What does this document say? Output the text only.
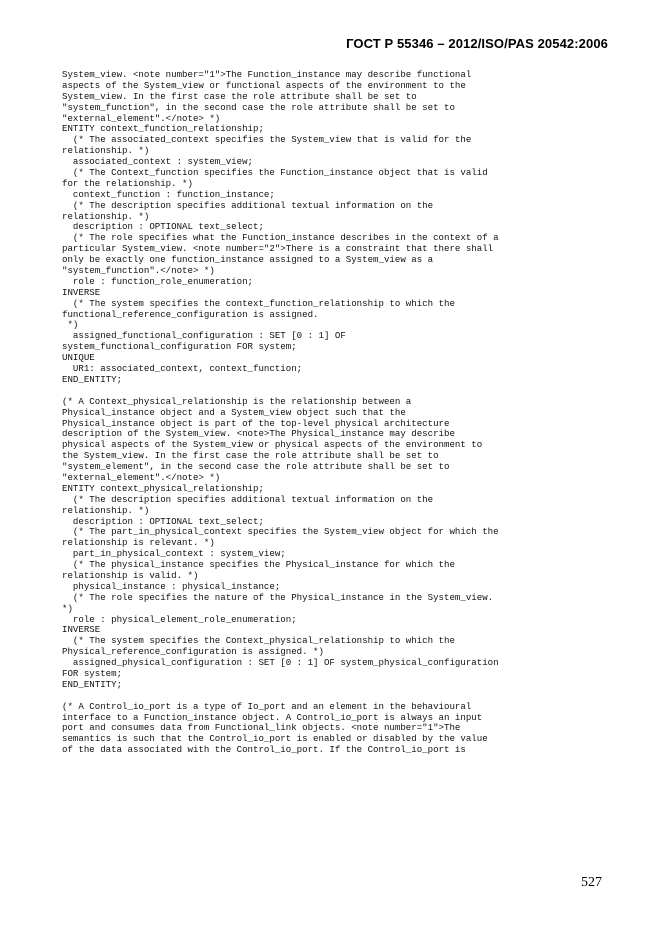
ГОСТ Р 55346 – 2012/ISO/PAS 20542:2006
System_view. <note number="1">The Function_instance may describe functional
aspects of the System_view or functional aspects of the environment to the
System_view. In the first case the role attribute shall be set to
"system_function", in the second case the role attribute shall be set to
"external_element".</note> *)
ENTITY context_function_relationship;
(* The associated_context specifies the System_view that is valid for the
relationship. *)
associated_context : system_view;
(* The Context_function specifies the Function_instance object that is valid
for the relationship. *)
context_function : function_instance;
(* The description specifies additional textual information on the
relationship. *)
description : OPTIONAL text_select;
(* The role specifies what the Function_instance describes in the context of a
particular System_view. <note number="2">There is a constraint that there shall
only be exactly one function_instance assigned to a System_view as a
"system_function".</note> *)
role : function_role_enumeration;
INVERSE
(* The system specifies the context_function_relationship to which the
functional_reference_configuration is assigned.
*)
assigned_functional_configuration : SET [0 : 1] OF
system_functional_configuration FOR system;
UNIQUE
UR1: associated_context, context_function;
END_ENTITY;
(* A Context_physical_relationship is the relationship between a
Physical_instance object and a System_view object such that the
Physical_instance object is part of the top-level physical architecture
description of the System_view. <note>The Physical_instance may describe
physical aspects of the System_view or physical aspects of the environment to
the System_view. In the first case the role attribute shall be set to
"system_element", in the second case the role attribute shall be set to
"external_element".</note> *)
ENTITY context_physical_relationship;
(* The description specifies additional textual information on the
relationship. *)
description : OPTIONAL text_select;
(* The part_in_physical_context specifies the System_view object for which the
relationship is relevant. *)
part_in_physical_context : system_view;
(* The physical_instance specifies the Physical_instance for which the
relationship is valid. *)
physical_instance : physical_instance;
(* The role specifies the nature of the Physical_instance in the System_view.
*)
role : physical_element_role_enumeration;
INVERSE
(* The system specifies the Context_physical_relationship to which the
Physical_reference_configuration is assigned. *)
assigned_physical_configuration : SET [0 : 1] OF system_physical_configuration
FOR system;
END_ENTITY;
(* A Control_io_port is a type of Io_port and an element in the behavioural
interface to a Function_instance object. A Control_io_port is always an input
port and consumes data from Functional_link objects. <note number="1">The
semantics is such that the Control_io_port is enabled or disabled by the value
of the data associated with the Control_io_port. If the Control_io_port is
527
